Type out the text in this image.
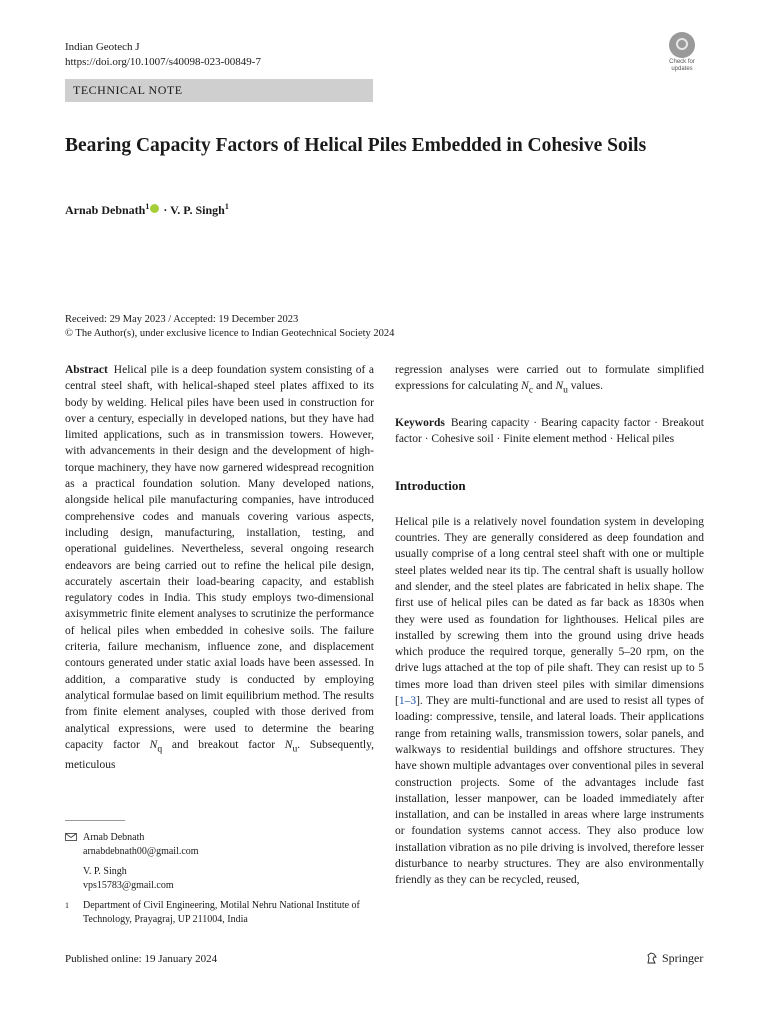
Indian Geotech J
https://doi.org/10.1007/s40098-023-00849-7	Check for
updates
TECHNICAL NOTE
Bearing Capacity Factors of Helical Piles Embedded in Cohesive Soils
Arnab Debnath$^1$ · V. P. Singh$^1$
Received: 29 May 2023 / Accepted: 19 December 2023
© The Author(s), under exclusive licence to Indian Geotechnical Society 2024

Abstract Helical pile is a deep foundation system consisting of a central steel shaft, with helical-shaped steel plates affixed to its body by welding. Helical piles have been used in construction for over a century, especially in developed nations, but they have had limited applications, such as in transmission towers. However, with advancements in their design and the development of high-torque machinery, they have now garnered widespread recognition as a practical foundation solution. Many developed nations, alongside helical pile manufacturing companies, have introduced comprehensive codes and manuals covering various aspects, including design, manufacturing, installation, testing, and operational guidelines. Nevertheless, several ongoing research endeavors are being carried out to refine the helical pile design, accurately ascertain their load-bearing capacity, and establish regulatory codes in India. This study employs two-dimensional axisymmetric finite element analyses to scrutinize the performance of helical piles when embedded in cohesive soils. The failure criteria, failure mechanism, influence zone, and displacement contours generated under static axial loads have been assessed. In addition, a comparative study is conducted by employing analytical formulae based on limit equilibrium method. The results from finite element analyses, coupled with those derived from analytical expressions, were used to determine the bearing capacity factor $N_q$ and breakout factor $N_u$. Subsequently, meticulous

regression analyses were carried out to formulate simplified expressions for calculating $N_c$ and $N_u$ values.

Keywords Bearing capacity · Bearing capacity factor · Breakout factor · Cohesive soil · Finite element method · Helical piles

Introduction

Helical pile is a relatively novel foundation system in developing countries. They are generally considered as deep foundation and usually comprise of a long central steel shaft with one or multiple steel plates welded near its tip. The central shaft is usually hollow and slender, and the steel plates are fabricated in helix shape. The first use of helical piles can be dated as far back as 1830s when they were used as foundation for lighthouses. Helical piles are installed by screwing them into the ground using drive heads which produce the required torque, generally 5–20 rpm, on the drive lugs attached at the top of pile shaft. They can resist up to 5 times more load than driven steel piles with similar dimensions [1–3]. They are multi-functional and are used to resist all types of loading: compressive, tensile, and lateral loads. Their applications range from retaining walls, transmission towers, solar panels, and walkways to residential buildings and offshore structures. They have shown multiple advantages over conventional piles in several construction projects. Some of the advantages include fast installation, lesser manpower, can be loaded immediately after installation, and can be installed in areas where large instruments or foundation systems cannot access. They also produce low installation vibration as no pile driving is involved, therefore lesser disturbance to nearby structures. They are also environmentally friendly as they can be recycled, reused,

Arnab Debnath
arnabdebnath00@gmail.com
V. P. Singh
vps15783@gmail.com
1	Department of Civil Engineering, Motilal Nehru National Institute of Technology, Prayagraj, UP 211004, India
Published online: 19 January 2024	Springer
